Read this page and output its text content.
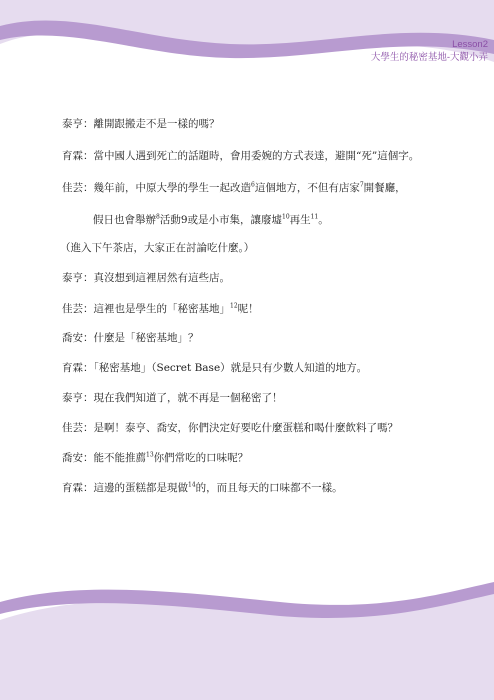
Lesson2
大學生的秘密基地-大觀小弄
泰亨：離開跟搬走不是一樣的嗎？
育霖：當中國人遇到死亡的話題時，會用委婉的方式表達，避開“死”這個字。
佳芸：幾年前，中原大學的學生一起改造$^6$這個地方，不但有店家$^7$開餐廳，
假日也會舉辦$^8$活動9或是小市集，讓廢墟$^{10}$再生$^{11}$。
（進入下午茶店，大家正在討論吃什麼。）
泰亨：真沒想到這裡居然有這些店。
佳芸：這裡也是學生的「秘密基地」$^{12}$呢！
喬安：什麼是「秘密基地」？
育霖：「秘密基地」（Secret Base）就是只有少數人知道的地方。
泰亨：現在我們知道了，就不再是一個秘密了！
佳芸：是啊！泰亨、喬安，你們決定好要吃什麼蛋糕和喝什麼飲料了嗎？
喬安：能不能推薦$^{13}$你們常吃的口味呢？
育霖：這邊的蛋糕都是現做$^{14}$的，而且每天的口味都不一樣。
